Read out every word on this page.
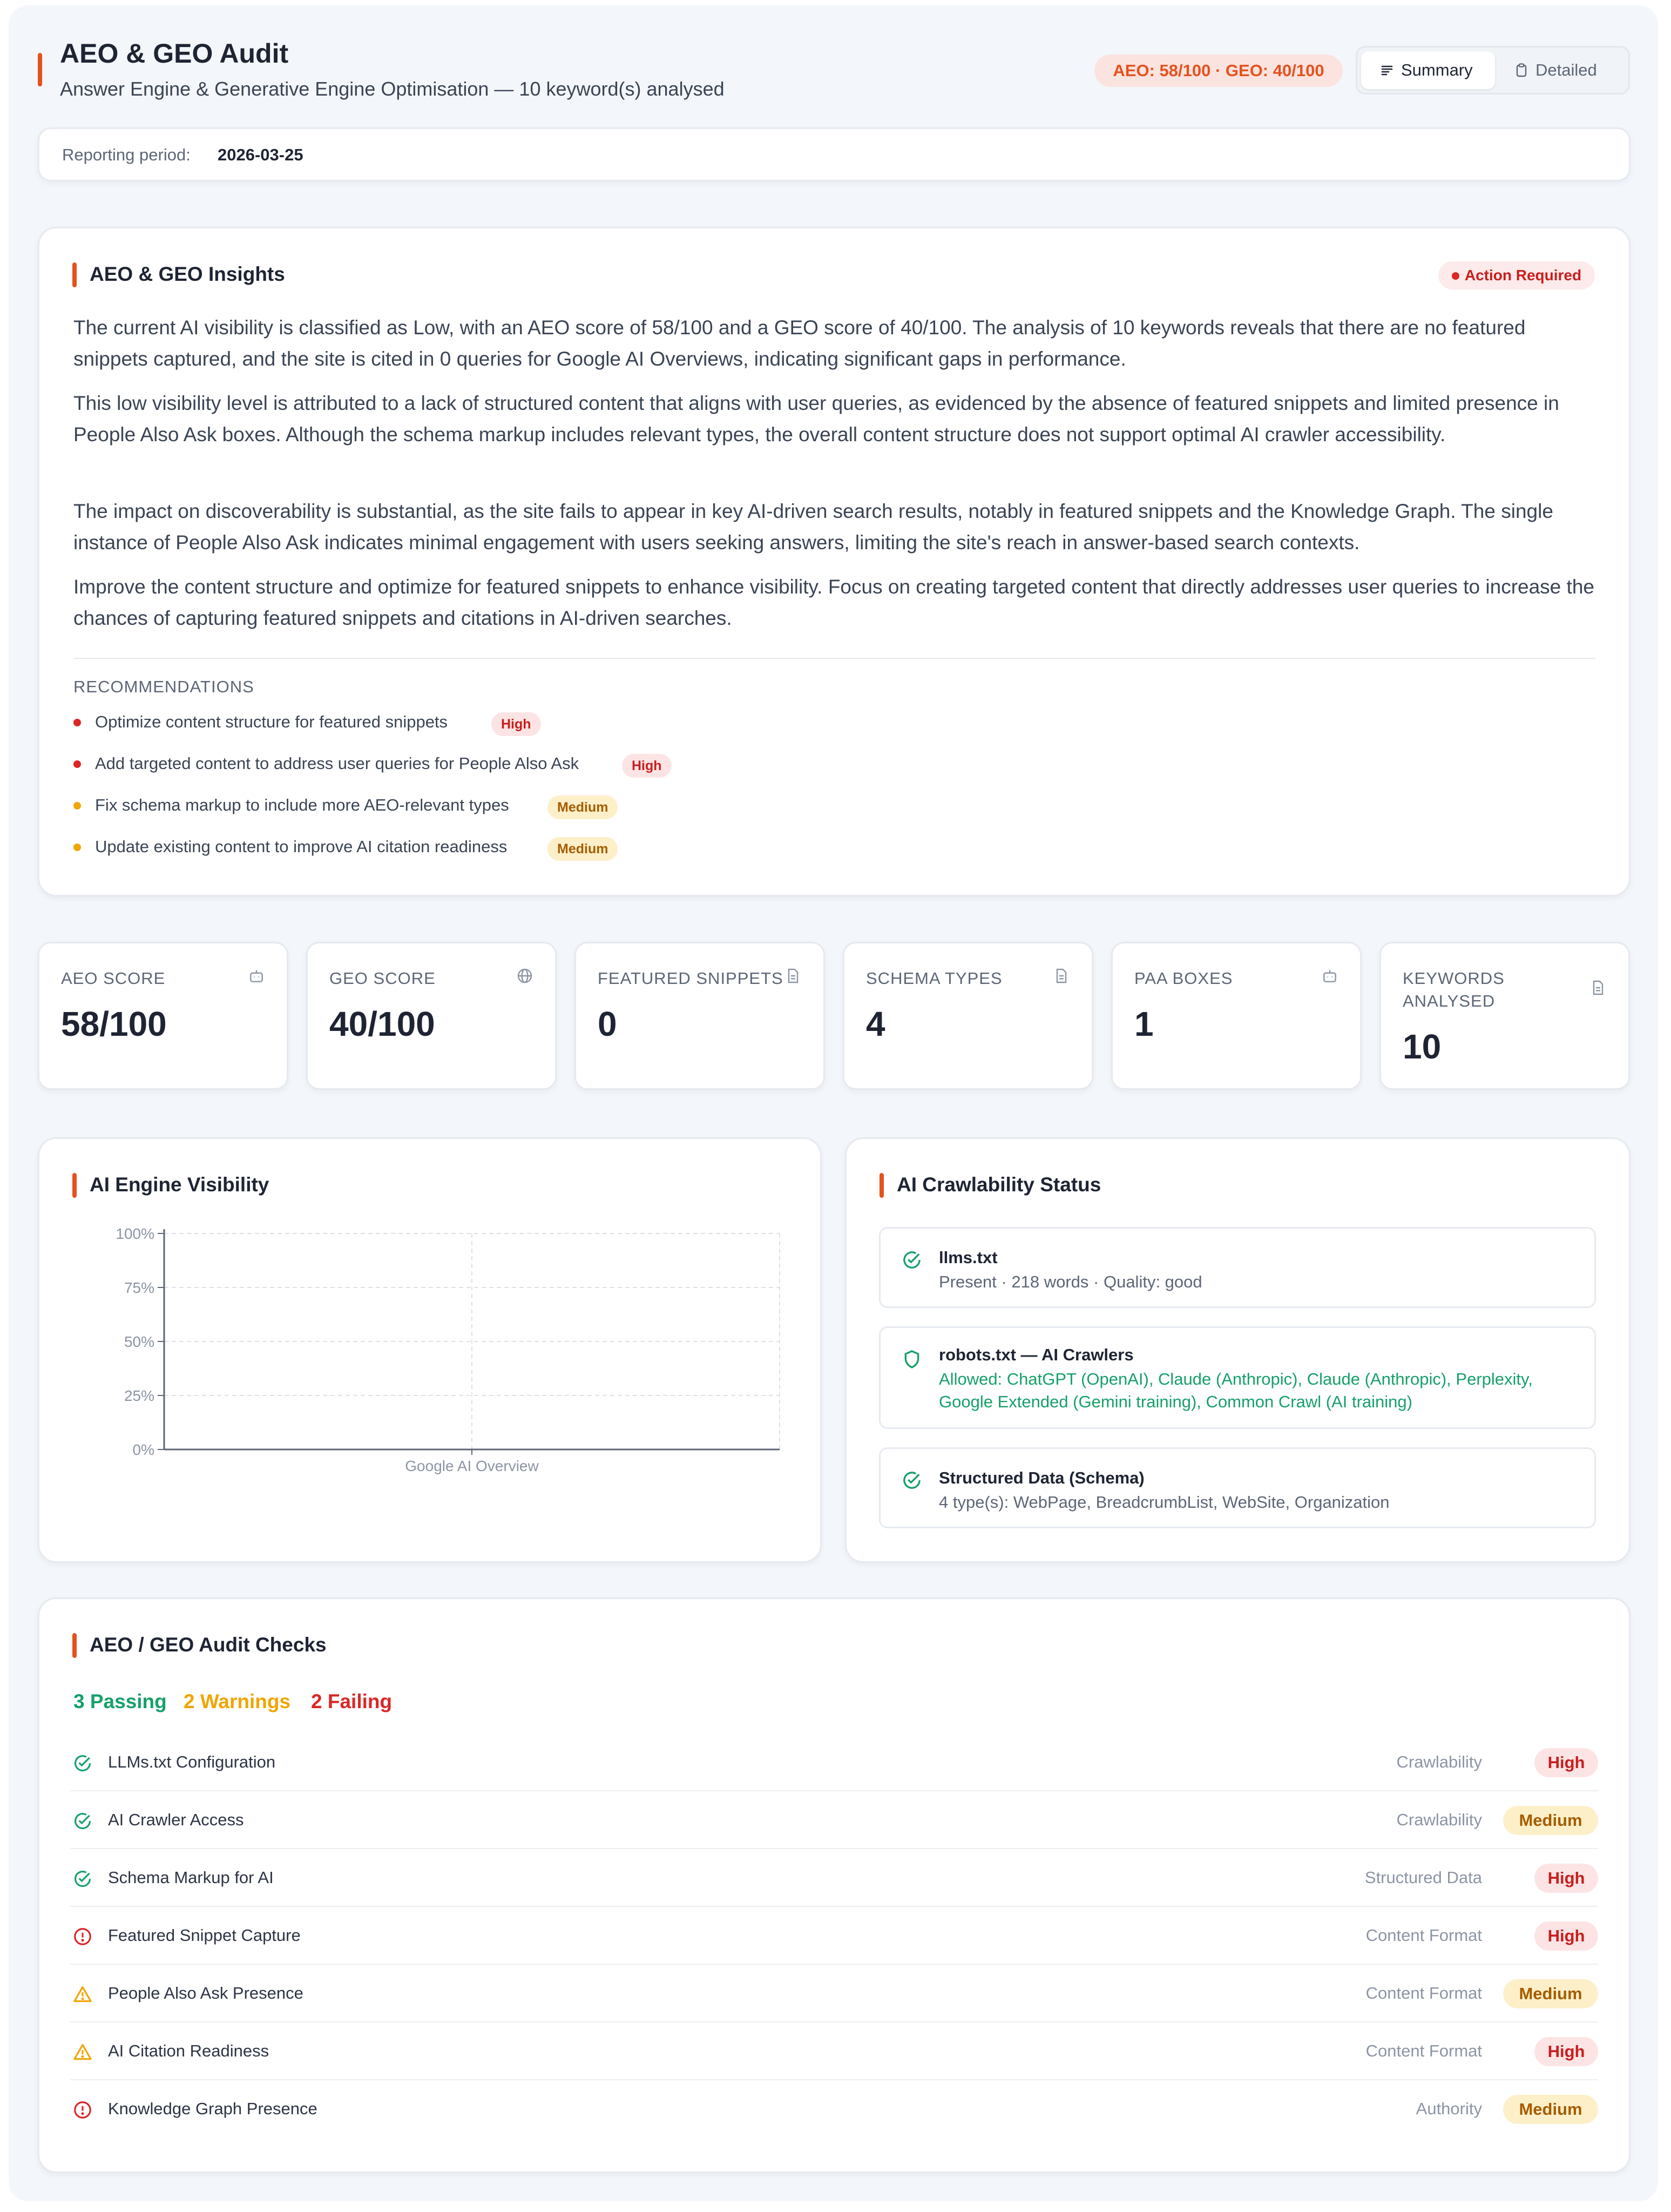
AEO & GEO Audit
Answer Engine & Generative Engine Optimisation — 10 keyword(s) analysed
AEO: 58/100 · GEO: 40/100	Summary	Detailed
Reporting period: 2026-03-25
AEO & GEO Insights	Action Required

The current AI visibility is classified as Low, with an AEO score of 58/100 and a GEO score of 40/100. The analysis of 10 keywords reveals that there are no featured snippets captured, and the site is cited in 0 queries for Google AI Overviews, indicating significant gaps in performance.

This low visibility level is attributed to a lack of structured content that aligns with user queries, as evidenced by the absence of featured snippets and limited presence in People Also Ask boxes. Although the schema markup includes relevant types, the overall content structure does not support optimal AI crawler accessibility.

The impact on discoverability is substantial, as the site fails to appear in key AI-driven search results, notably in featured snippets and the Knowledge Graph. The single instance of People Also Ask indicates minimal engagement with users seeking answers, limiting the site's reach in answer-based search contexts.

Improve the content structure and optimize for featured snippets to enhance visibility. Focus on creating targeted content that directly addresses user queries to increase the chances of capturing featured snippets and citations in AI-driven searches.

RECOMMENDATIONS
Optimize content structure for featured snippets	High
Add targeted content to address user queries for People Also Ask	High
Fix schema markup to include more AEO-relevant types	Medium
Update existing content to improve AI citation readiness	Medium
AEO SCORE
58/100
GEO SCORE
40/100
FEATURED SNIPPETS
0
SCHEMA TYPES
4
PAA BOXES
1
KEYWORDS ANALYSED
10
AI Engine Visibility
0%
25%
50%
75%
100%
Google AI Overview
AI Crawlability Status
llms.txt
Present · 218 words · Quality: good
robots.txt — AI Crawlers
Allowed: ChatGPT (OpenAI), Claude (Anthropic), Claude (Anthropic), Perplexity, Google Extended (Gemini training), Common Crawl (AI training)
Structured Data (Schema)
4 type(s): WebPage, BreadcrumbList, WebSite, Organization
AEO / GEO Audit Checks
3 Passing 2 Warnings 2 Failing
LLMs.txt Configuration	Crawlability	High
AI Crawler Access	Crawlability	Medium
Schema Markup for AI	Structured Data	High
Featured Snippet Capture	Content Format	High
People Also Ask Presence	Content Format	Medium
AI Citation Readiness	Content Format	High
Knowledge Graph Presence	Authority	Medium
